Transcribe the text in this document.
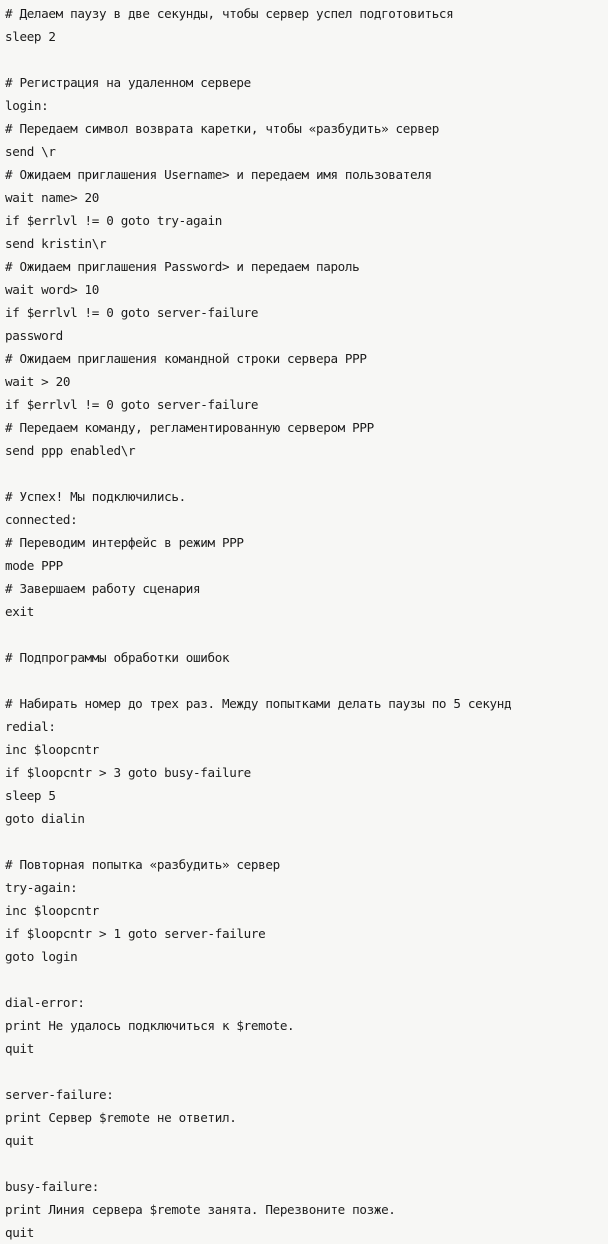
# Делаем паузу в две секунды, чтобы сервер успел подготовиться
sleep 2
# Регистрация на удаленном сервере
login:
# Передаем символ возврата каретки, чтобы «разбудить» сервер
send \r
# Ожидаем приглашения Username> и передаем имя пользователя
wait name> 20
if $errlvl != 0 goto try-again
send kristin\r
# Ожидаем приглашения Password> и передаем пароль
wait word> 10
if $errlvl != 0 goto server-failure
password
# Ожидаем приглашения командной строки сервера PPP
wait > 20
if $errlvl != 0 goto server-failure
# Передаем команду, регламентированную сервером PPP
send ppp enabled\r
# Успех! Мы подключились.
connected:
# Переводим интерфейс в режим PPP
mode PPP
# Завершаем работу сценария
exit
# Подпрограммы обработки ошибок
# Набирать номер до трех раз. Между попытками делать паузы по 5 секунд
redial:
inc $loopcntr
if $loopcntr > 3 goto busy-failure
sleep 5
goto dialin
# Повторная попытка «разбудить» сервер
try-again:
inc $loopcntr
if $loopcntr > 1 goto server-failure
goto login
dial-error:
print Не удалось подключиться к $remote.
quit
server-failure:
print Сервер $remote не ответил.
quit
busy-failure:
print Линия сервера $remote занята. Перезвоните позже.
quit
